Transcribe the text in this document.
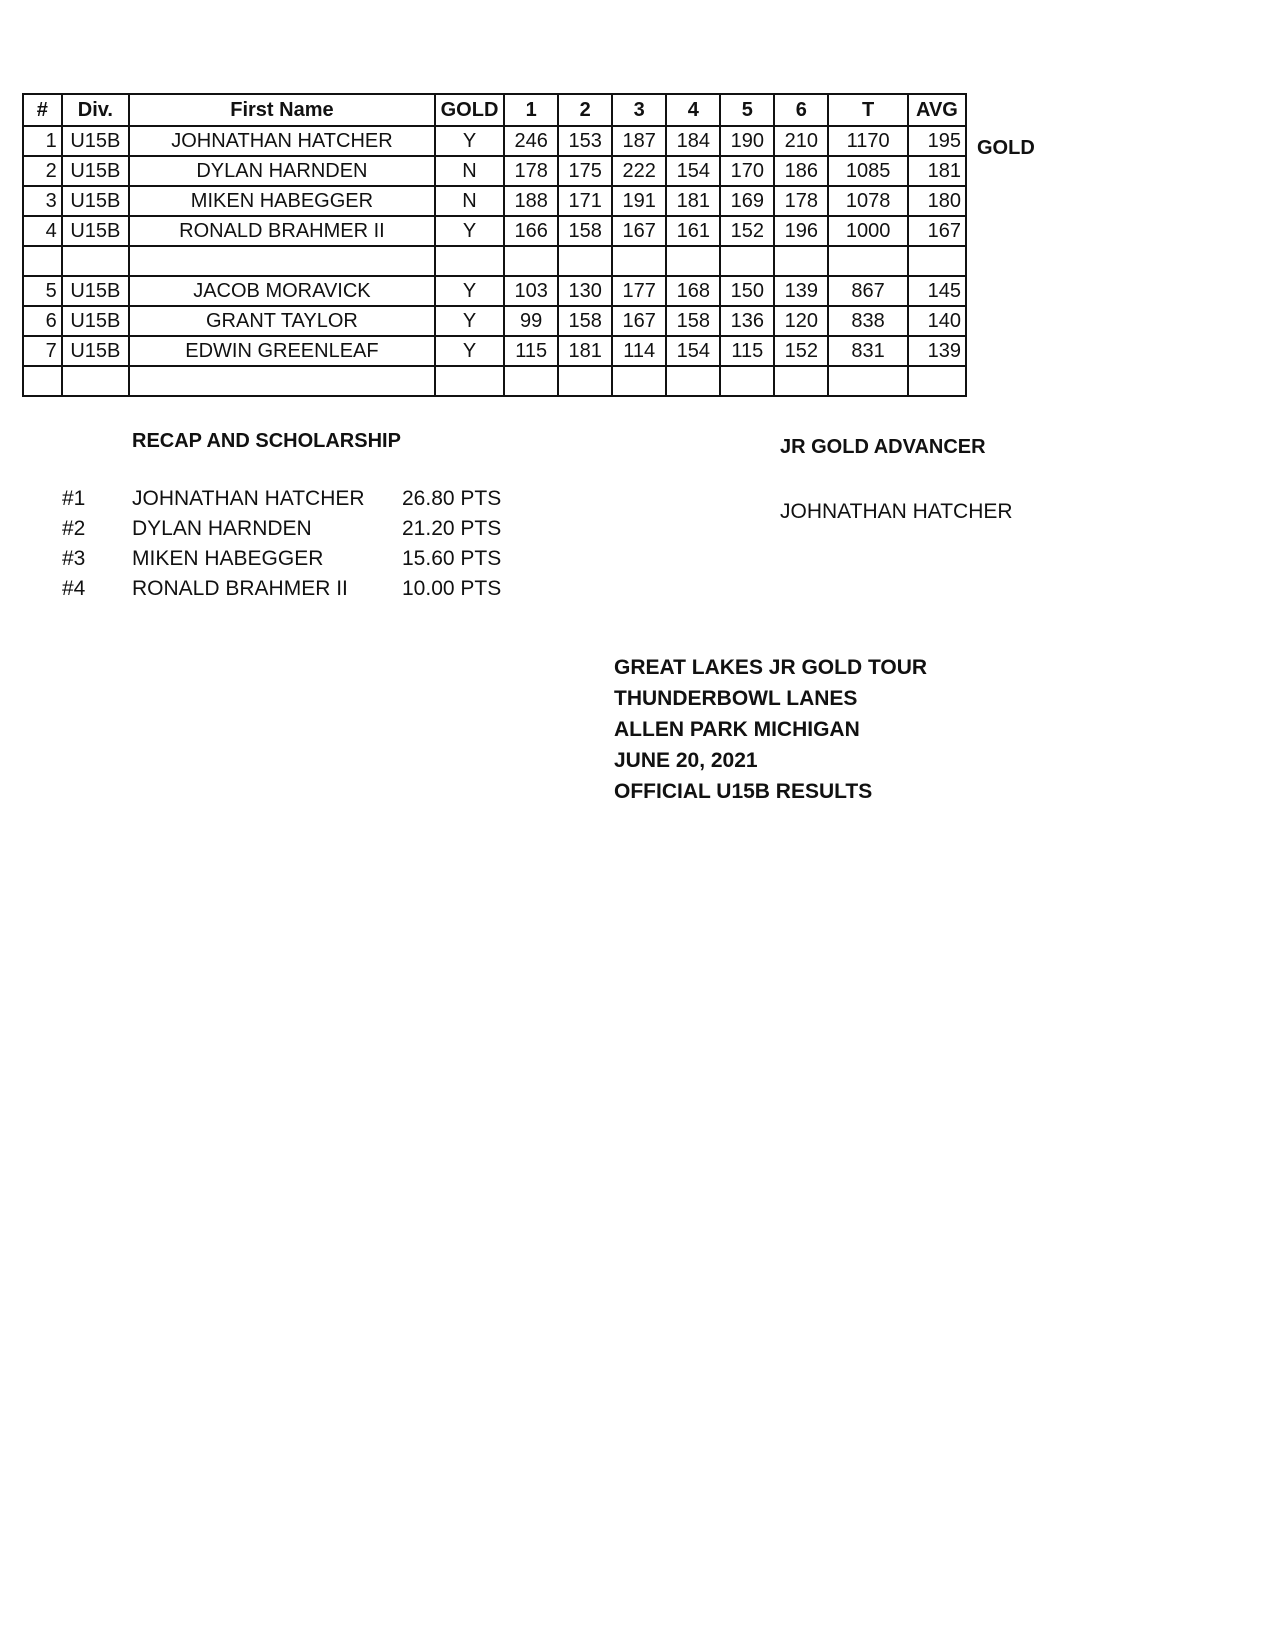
#	Div.	First Name	GOLD	1	2	3	4	5	6	T	AVG
1	U15B	JOHNATHAN HATCHER	Y	246	153	187	184	190	210	1170	195
2	U15B	DYLAN HARNDEN	N	178	175	222	154	170	186	1085	181
3	U15B	MIKEN HABEGGER	N	188	171	191	181	169	178	1078	180
4	U15B	RONALD BRAHMER II	Y	166	158	167	161	152	196	1000	167

5	U15B	JACOB MORAVICK	Y	103	130	177	168	150	139	867	145
6	U15B	GRANT TAYLOR	Y	99	158	167	158	136	120	838	140
7	U15B	EDWIN GREENLEAF	Y	115	181	114	154	115	152	831	139

GOLD
RECAP AND SCHOLARSHIP	JR GOLD ADVANCER
#1 JOHNATHAN HATCHER 26.80 PTS
#2 DYLAN HARNDEN	21.20 PTS
#3 MIKEN HABEGGER	15.60 PTS
#4 RONALD BRAHMER II	10.00 PTS
JOHNATHAN HATCHER
GREAT LAKES JR GOLD TOUR
THUNDERBOWL LANES
ALLEN PARK MICHIGAN
JUNE 20, 2021
OFFICIAL U15B RESULTS
